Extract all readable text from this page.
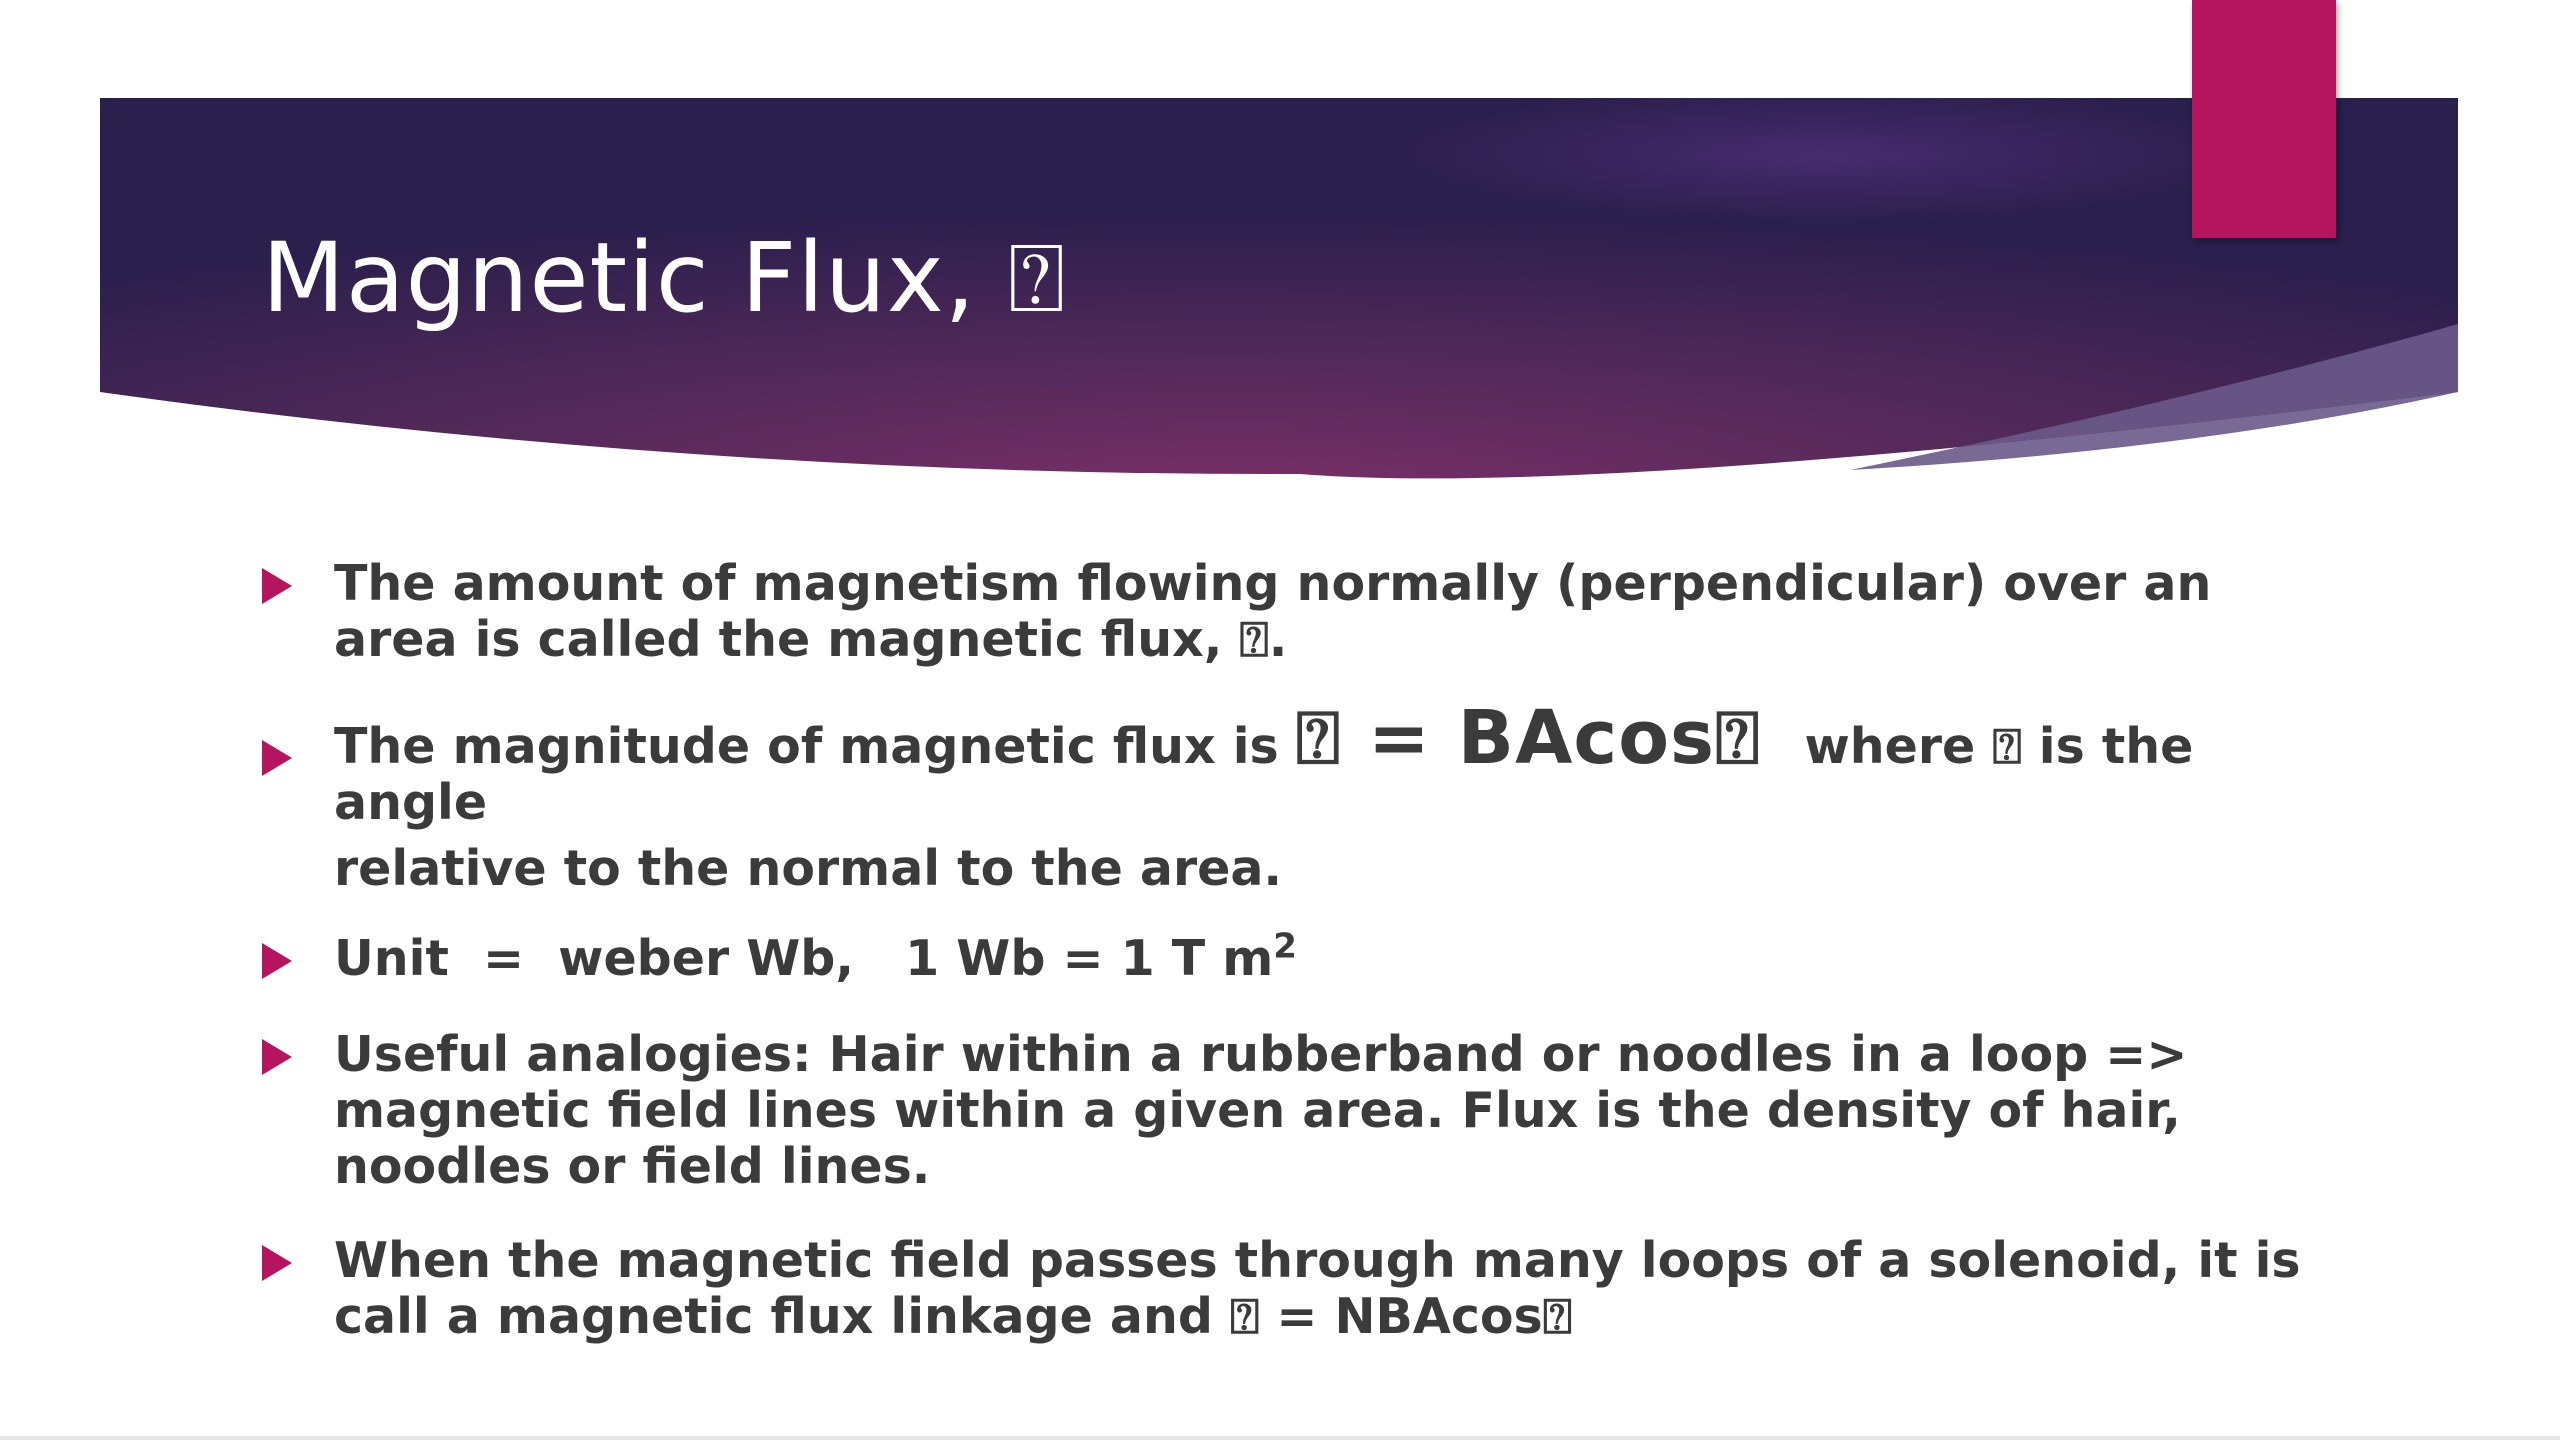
Magnetic Flux, ⍰
The amount of magnetism flowing normally (perpendicular) over an area is called the magnetic flux, ⍰.
The magnitude of magnetic flux is ⍰ = BAcos⍰ where ⍰ is the angle
relative to the normal to the area.
Unit  =  weber Wb,   1 Wb = 1 T $m^2$
Useful analogies: Hair within a rubberband or noodles in a loop => magnetic field lines within a given area. Flux is the density of hair, noodles or field lines.
When the magnetic field passes through many loops of a solenoid, it is call a magnetic flux linkage and ⍰ = NBAcos⍰
